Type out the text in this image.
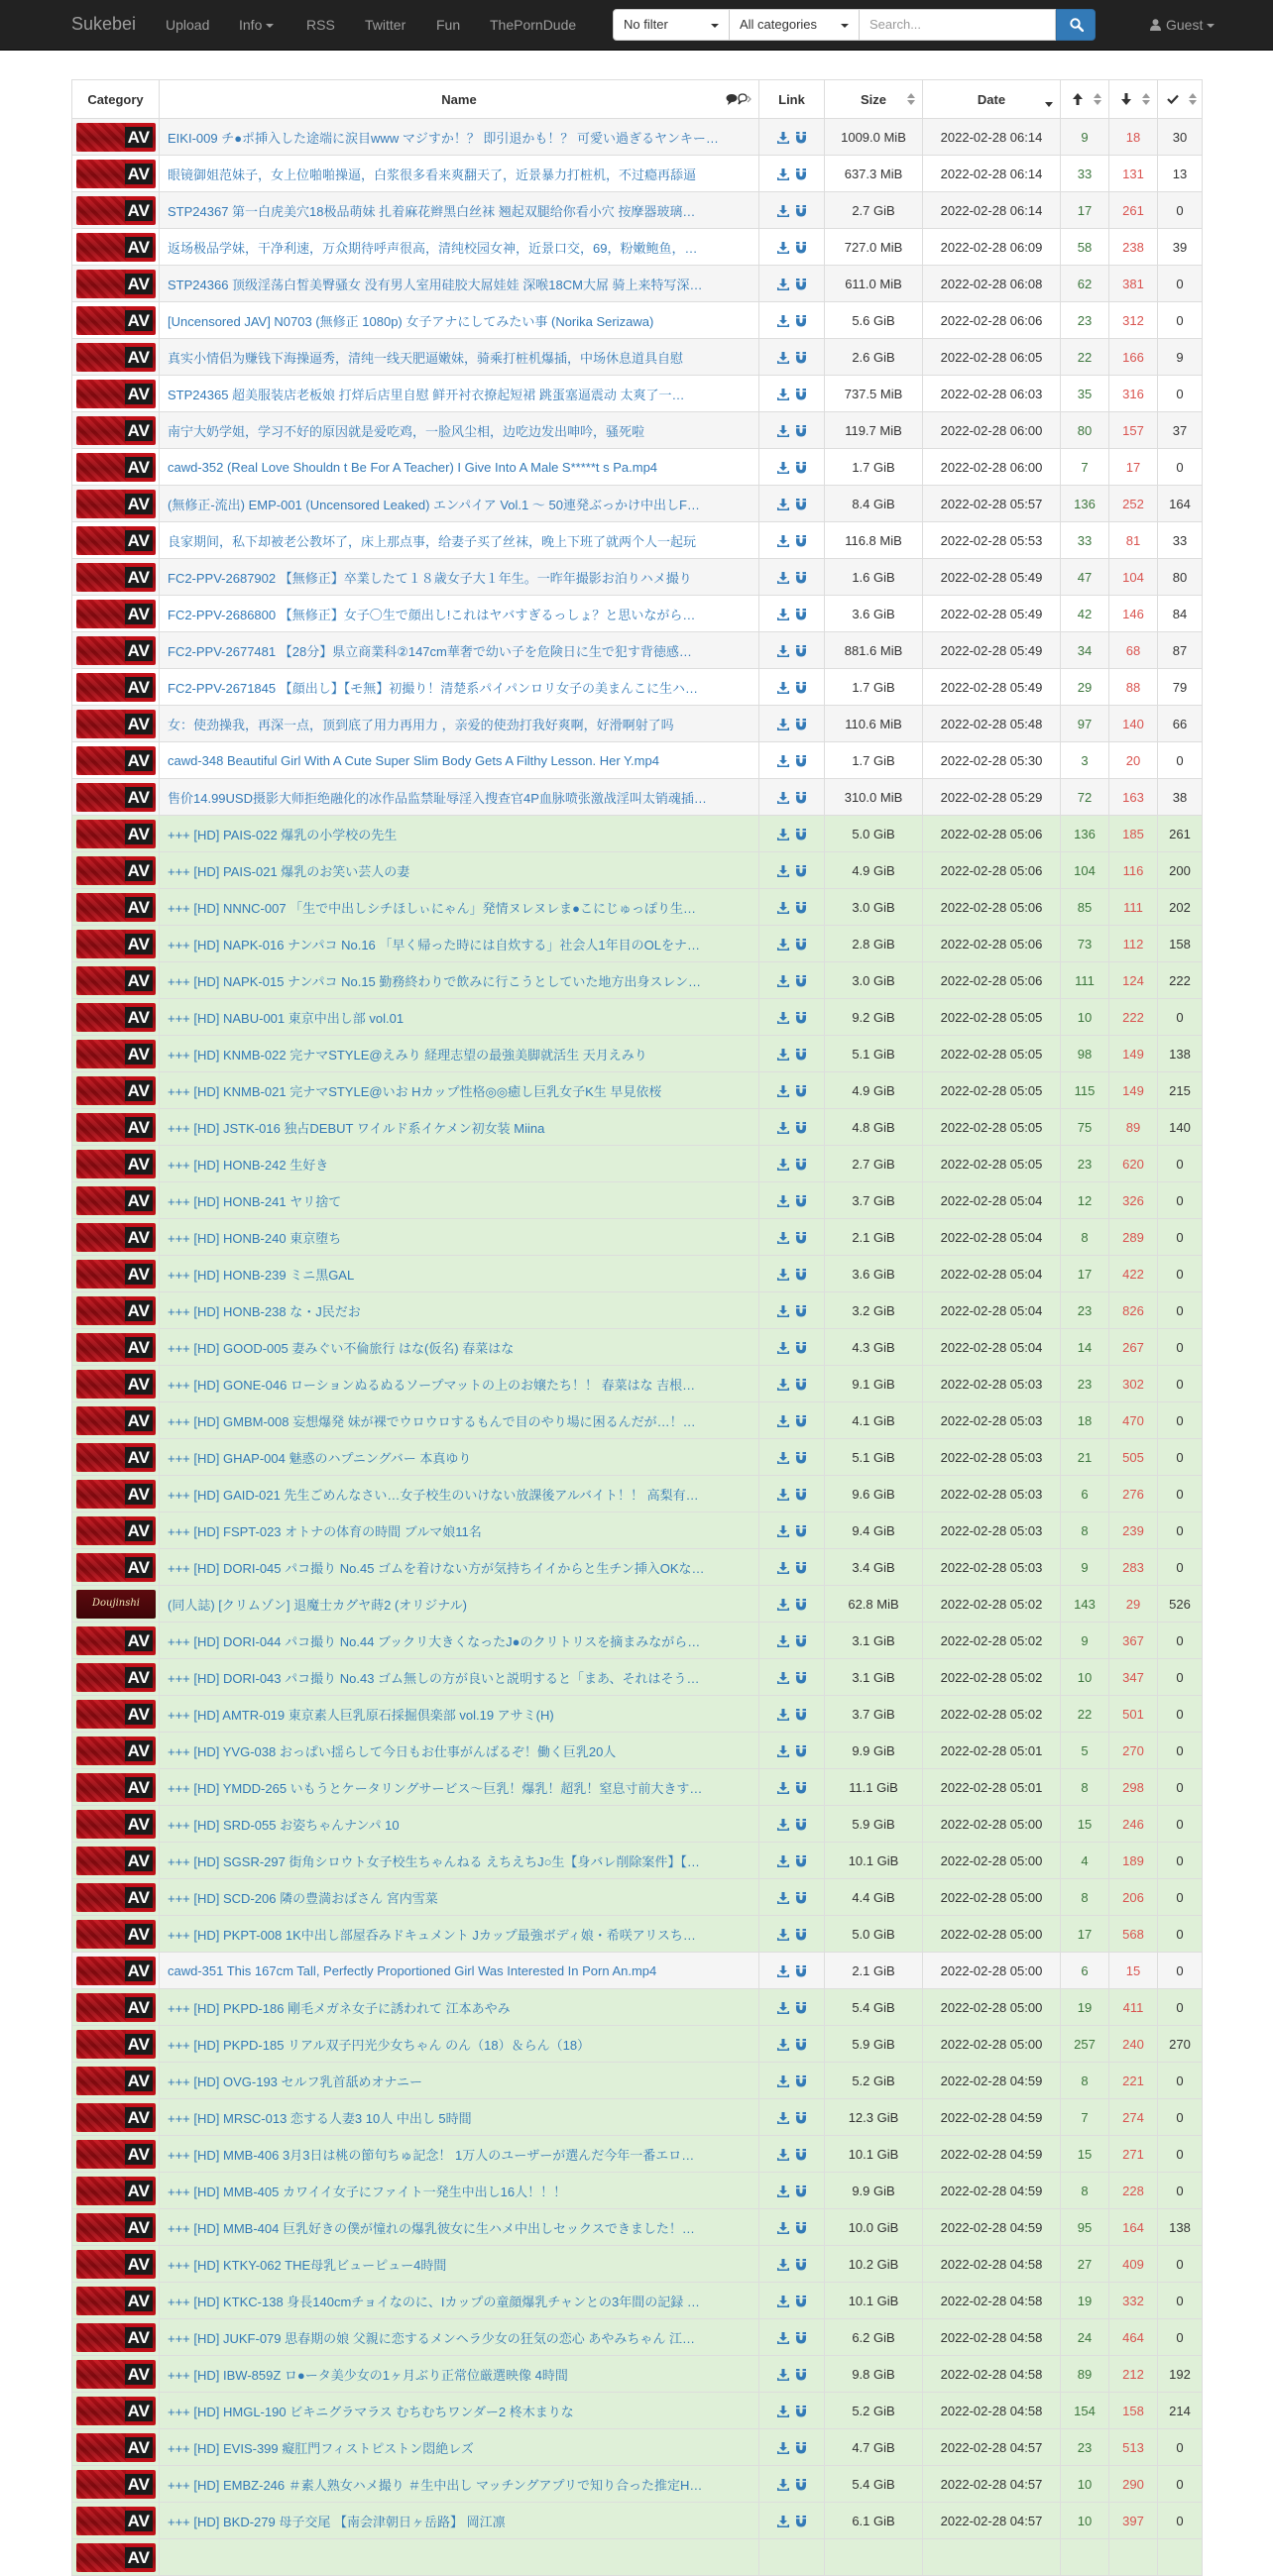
Sukebei Upload Info	RSS Twitter Fun ThePornDude	No filter	All categories	Search...	Guest
Category	Name	Link	Size	Date

AV	EIKI-009 チ●ポ挿入した途端に涙目www マジすか！？ 即引退かも！？ 可愛い過ぎるヤンキー…		1009.0 MiB	2022-02-28 06:14	9	18	30

AV	眼镜御姐范妹子，女上位啪啪操逼，白浆很多看来爽翻天了，近景暴力打桩机，不过瘾再舔逼		637.3 MiB	2022-02-28 06:14	33	131	13

AV	STP24367 第一白虎美穴18极品萌妹 扎着麻花辫黑白丝袜 翘起双腿给你看小穴 按摩器玻璃…		2.7 GiB	2022-02-28 06:14	17	261	0

AV	返场极品学妹，干净利速，万众期待呼声很高，清纯校园女神，近景口交，69，粉嫩鲍鱼，…		727.0 MiB	2022-02-28 06:09	58	238	39

AV	STP24366 顶级淫荡白皙美臀骚女 没有男人室用硅胶大屌娃娃 深喉18CM大屌 骑上来特写深…		611.0 MiB	2022-02-28 06:08	62	381	0

AV	[Uncensored JAV] N0703 (無修正 1080p) 女子アナにしてみたい事 (Norika Serizawa)		5.6 GiB	2022-02-28 06:06	23	312	0

AV	真实小情侣为赚钱下海操逼秀，清纯一线天肥逼嫩妹，骑乘打桩机爆插，中场休息道具自慰		2.6 GiB	2022-02-28 06:05	22	166	9

AV	STP24365 超美服装店老板娘 打烊后店里自慰 鲜开衬衣撩起短裙 跳蛋塞逼震动 太爽了一…		737.5 MiB	2022-02-28 06:03	35	316	0

AV	南宁大奶学姐，学习不好的原因就是爱吃鸡，一脸风尘相，边吃边发出呻吟，骚死啦		119.7 MiB	2022-02-28 06:00	80	157	37

AV	cawd-352 (Real Love Shouldn t Be For A Teacher) I Give Into A Male S*****t s Pa.mp4		1.7 GiB	2022-02-28 06:00	7	17	0

AV	(無修正-流出) EMP-001 (Uncensored Leaked) エンパイア Vol.1 ～ 50連発ぶっかけ中出しF…		8.4 GiB	2022-02-28 05:57	136	252	164

AV	良家期间，私下却被老公教坏了，床上那点事，给妻子买了丝袜，晚上下班了就两个人一起玩		116.8 MiB	2022-02-28 05:53	33	81	33

AV	FC2-PPV-2687902 【無修正】卒業したて１８歳女子大１年生。一昨年撮影お泊りハメ撮り		1.6 GiB	2022-02-28 05:49	47	104	80

AV	FC2-PPV-2686800 【無修正】女子〇生で顔出し!これはヤバすぎるっしょ？と思いながら…		3.6 GiB	2022-02-28 05:49	42	146	84

AV	FC2-PPV-2677481 【28分】県立商業科②147cm華奢で幼い子を危険日に生で犯す背徳感…		881.6 MiB	2022-02-28 05:49	34	68	87

AV	FC2-PPV-2671845 【顔出し】【モ無】初撮り！清楚系パイパンロリ女子の美まんこに生ハ…		1.7 GiB	2022-02-28 05:49	29	88	79

AV	女：使劲操我，再深一点，顶到底了用力再用力 ，亲爱的使劲打我好爽啊，好滑啊射了吗		110.6 MiB	2022-02-28 05:48	97	140	66

AV	cawd-348 Beautiful Girl With A Cute Super Slim Body Gets A Filthy Lesson. Her Y.mp4		1.7 GiB	2022-02-28 05:30	3	20	0

AV	售价14.99USD摄影大师拒绝融化的冰作品监禁耻辱淫入搜查官4P血脉喷张激战淫叫太销魂插…		310.0 MiB	2022-02-28 05:29	72	163	38

AV	+++ [HD] PAIS-022 爆乳の小学校の先生		5.0 GiB	2022-02-28 05:06	136	185	261

AV	+++ [HD] PAIS-021 爆乳のお笑い芸人の妻		4.9 GiB	2022-02-28 05:06	104	116	200

AV	+++ [HD] NNNC-007 「生で中出しシチほしぃにゃん」発情ヌレヌレま●こにじゅっぽり生…		3.0 GiB	2022-02-28 05:06	85	111	202

AV	+++ [HD] NAPK-016 ナンパコ No.16 「早く帰った時には自炊する」社会人1年目のOLをナ…		2.8 GiB	2022-02-28 05:06	73	112	158

AV	+++ [HD] NAPK-015 ナンパコ No.15 勤務終わりで飲みに行こうとしていた地方出身スレン…		3.0 GiB	2022-02-28 05:06	111	124	222

AV	+++ [HD] NABU-001 東京中出し部 vol.01		9.2 GiB	2022-02-28 05:05	10	222	0

AV	+++ [HD] KNMB-022 完ナマSTYLE@えみり 経理志望の最強美脚就活生 天月えみり		5.1 GiB	2022-02-28 05:05	98	149	138

AV	+++ [HD] KNMB-021 完ナマSTYLE@いお Hカップ性格◎◎癒し巨乳女子K生 早見依桜		4.9 GiB	2022-02-28 05:05	115	149	215

AV	+++ [HD] JSTK-016 独占DEBUT ワイルド系イケメン初女装 Miina		4.8 GiB	2022-02-28 05:05	75	89	140

AV	+++ [HD] HONB-242 生好き		2.7 GiB	2022-02-28 05:05	23	620	0

AV	+++ [HD] HONB-241 ヤリ捨て		3.7 GiB	2022-02-28 05:04	12	326	0

AV	+++ [HD] HONB-240 東京堕ち		2.1 GiB	2022-02-28 05:04	8	289	0

AV	+++ [HD] HONB-239 ミニ黒GAL		3.6 GiB	2022-02-28 05:04	17	422	0

AV	+++ [HD] HONB-238 な・J民だお		3.2 GiB	2022-02-28 05:04	23	826	0

AV	+++ [HD] GOOD-005 妻みぐい不倫旅行 はな(仮名) 春菜はな		4.3 GiB	2022-02-28 05:04	14	267	0

AV	+++ [HD] GONE-046 ローションぬるぬるソープマットの上のお嬢たち！！ 春菜はな 吉根…		9.1 GiB	2022-02-28 05:03	23	302	0

AV	+++ [HD] GMBM-008 妄想爆発 妹が裸でウロウロするもんで目のやり場に困るんだが…！…		4.1 GiB	2022-02-28 05:03	18	470	0

AV	+++ [HD] GHAP-004 魅惑のハプニングバー 本真ゆり		5.1 GiB	2022-02-28 05:03	21	505	0

AV	+++ [HD] GAID-021 先生ごめんなさい…女子校生のいけない放課後アルバイト！！ 高梨有…		9.6 GiB	2022-02-28 05:03	6	276	0

AV	+++ [HD] FSPT-023 オトナの体育の時間 ブルマ娘11名		9.4 GiB	2022-02-28 05:03	8	239	0

AV	+++ [HD] DORI-045 パコ撮り No.45 ゴムを着けない方が気持ちイイからと生チン挿入OKな…		3.4 GiB	2022-02-28 05:03	9	283	0

Doujinshi	(同人誌) [クリムゾン] 退魔士カグヤ蒔2 (オリジナル)		62.8 MiB	2022-02-28 05:02	143	29	526

AV	+++ [HD] DORI-044 パコ撮り No.44 ブックリ大きくなったJ●のクリトリスを摘まみながら…		3.1 GiB	2022-02-28 05:02	9	367	0

AV	+++ [HD] DORI-043 パコ撮り No.43 ゴム無しの方が良いと説明すると「まあ、それはそう…		3.1 GiB	2022-02-28 05:02	10	347	0

AV	+++ [HD] AMTR-019 東京素人巨乳原石採掘倶楽部 vol.19 アサミ(H)		3.7 GiB	2022-02-28 05:02	22	501	0

AV	+++ [HD] YVG-038 おっぱい揺らして今日もお仕事がんばるぞ！働く巨乳20人		9.9 GiB	2022-02-28 05:01	5	270	0

AV	+++ [HD] YMDD-265 いもうとケータリングサービス～巨乳！爆乳！超乳！窒息寸前大きす…		11.1 GiB	2022-02-28 05:01	8	298	0

AV	+++ [HD] SRD-055 お姿ちゃんナンパ 10		5.9 GiB	2022-02-28 05:00	15	246	0

AV	+++ [HD] SGSR-297 街角シロウト女子校生ちゃんねる えちえちJ○生【身バレ削除案件】【…		10.1 GiB	2022-02-28 05:00	4	189	0

AV	+++ [HD] SCD-206 隣の豊満おばさん 宮内雪菜		4.4 GiB	2022-02-28 05:00	8	206	0

AV	+++ [HD] PKPT-008 1K中出し部屋呑みドキュメント Jカップ最強ボディ娘・希咲アリスち…		5.0 GiB	2022-02-28 05:00	17	568	0

AV	cawd-351 This 167cm Tall, Perfectly Proportioned Girl Was Interested In Porn An.mp4		2.1 GiB	2022-02-28 05:00	6	15	0

AV	+++ [HD] PKPD-186 剛毛メガネ女子に誘われて 江本あやみ		5.4 GiB	2022-02-28 05:00	19	411	0

AV	+++ [HD] PKPD-185 リアル双子円光少女ちゃん のん（18）＆らん（18）		5.9 GiB	2022-02-28 05:00	257	240	270

AV	+++ [HD] OVG-193 セルフ乳首舐めオナニー		5.2 GiB	2022-02-28 04:59	8	221	0

AV	+++ [HD] MRSC-013 恋する人妻3 10人 中出し 5時間		12.3 GiB	2022-02-28 04:59	7	274	0

AV	+++ [HD] MMB-406 3月3日は桃の節句ちゅ記念！ 1万人のユーザーが選んだ今年一番エロ…		10.1 GiB	2022-02-28 04:59	15	271	0

AV	+++ [HD] MMB-405 カワイイ女子にファイト一発生中出し16人！！！		9.9 GiB	2022-02-28 04:59	8	228	0

AV	+++ [HD] MMB-404 巨乳好きの僕が憧れの爆乳彼女に生ハメ中出しセックスできました！…		10.0 GiB	2022-02-28 04:59	95	164	138

AV	+++ [HD] KTKY-062 THE母乳ビューピュー4時間		10.2 GiB	2022-02-28 04:58	27	409	0

AV	+++ [HD] KTKC-138 身長140cmチョイなのに、Iカップの童顔爆乳チャンとの3年間の記録 …		10.1 GiB	2022-02-28 04:58	19	332	0

AV	+++ [HD] JUKF-079 思春期の娘 父親に恋するメンヘラ少女の狂気の恋心 あやみちゃん 江…		6.2 GiB	2022-02-28 04:58	24	464	0

AV	+++ [HD] IBW-859Z ロ●ータ美少女の1ヶ月ぶり正常位厳選映像 4時間		9.8 GiB	2022-02-28 04:58	89	212	192

AV	+++ [HD] HMGL-190 ビキニグラマラス むちむちワンダー2 柊木まりな		5.2 GiB	2022-02-28 04:58	154	158	214

AV	+++ [HD] EVIS-399 癡肛門フィストピストン悶絶レズ		4.7 GiB	2022-02-28 04:57	23	513	0

AV	+++ [HD] EMBZ-246 ＃素人熟女ハメ撮り ＃生中出し マッチングアプリで知り合った推定H…		5.4 GiB	2022-02-28 04:57	10	290	0

AV	+++ [HD] BKD-279 母子交尾 【南会津朝日ヶ岳路】 岡江凛		6.1 GiB	2022-02-28 04:57	10	397	0

AV							
